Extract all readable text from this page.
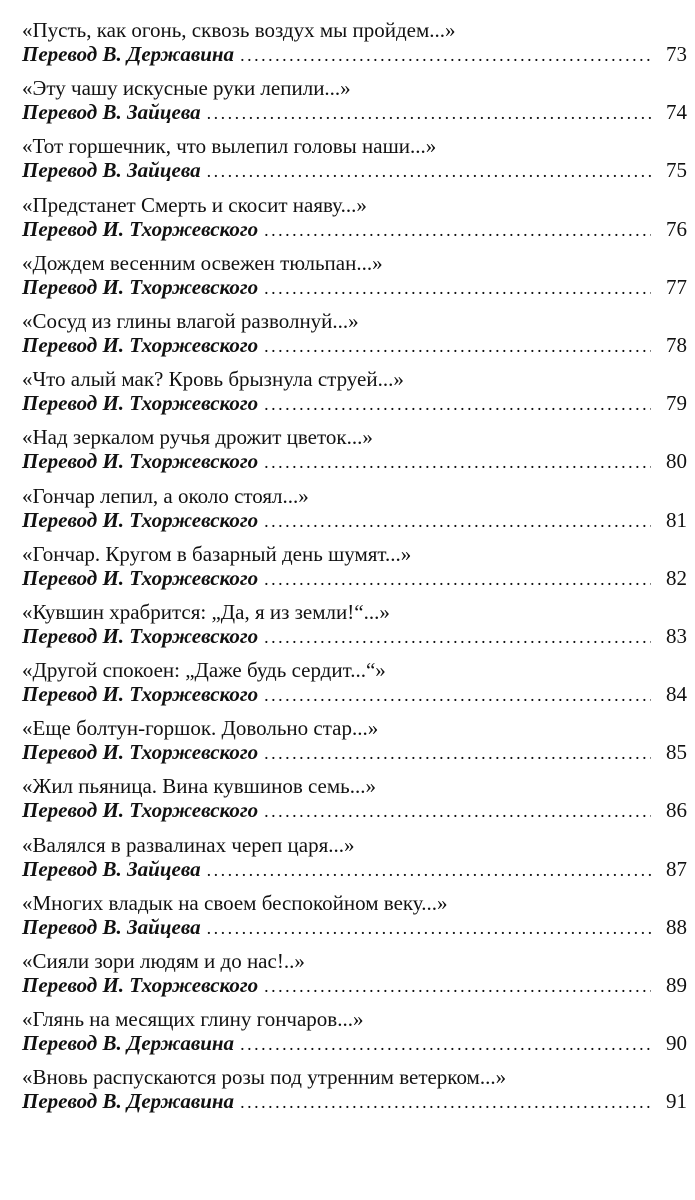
«Пусть, как огонь, сквозь воздух мы пройдем...»
Перевод В. Державина . . .	73
«Эту чашу искусные руки лепили...»
Перевод В. Зайцева . . .	74
«Тот горшечник, что вылепил головы наши...»
Перевод В. Зайцева . . .	75
«Предстанет Смерть и скосит наяву...»
Перевод И. Тхоржевского . . .	76
«Дождем весенним освежен тюльпан...»
Перевод И. Тхоржевского . . .	77
«Сосуд из глины влагой разволнуй...»
Перевод И. Тхоржевского . . .	78
«Что алый мак? Кровь брызнула струей...»
Перевод И. Тхоржевского . . .	79
«Над зеркалом ручья дрожит цветок...»
Перевод И. Тхоржевского . . .	80
«Гончар лепил, а около стоял...»
Перевод И. Тхоржевского . . .	81
«Гончар. Кругом в базарный день шумят...»
Перевод И. Тхоржевского . . .	82
«Кувшин храбрится: „Да, я из земли!“...»
Перевод И. Тхоржевского . . .	83
«Другой спокоен: „Даже будь сердит...“»
Перевод И. Тхоржевского . . .	84
«Еще болтун-горшок. Довольно стар...»
Перевод И. Тхоржевского . . .	85
«Жил пьяница. Вина кувшинов семь...»
Перевод И. Тхоржевского . . .	86
«Валялся в развалинах череп царя...»
Перевод В. Зайцева . . .	87
«Многих владык на своем беспокойном веку...»
Перевод В. Зайцева . . .	88
«Сияли зори людям и до нас!..»
Перевод И. Тхоржевского . . .	89
«Глянь на месящих глину гончаров...»
Перевод В. Державина . . .	90
«Вновь распускаются розы под утренним ветерком...»
Перевод В. Державина . . .	91
